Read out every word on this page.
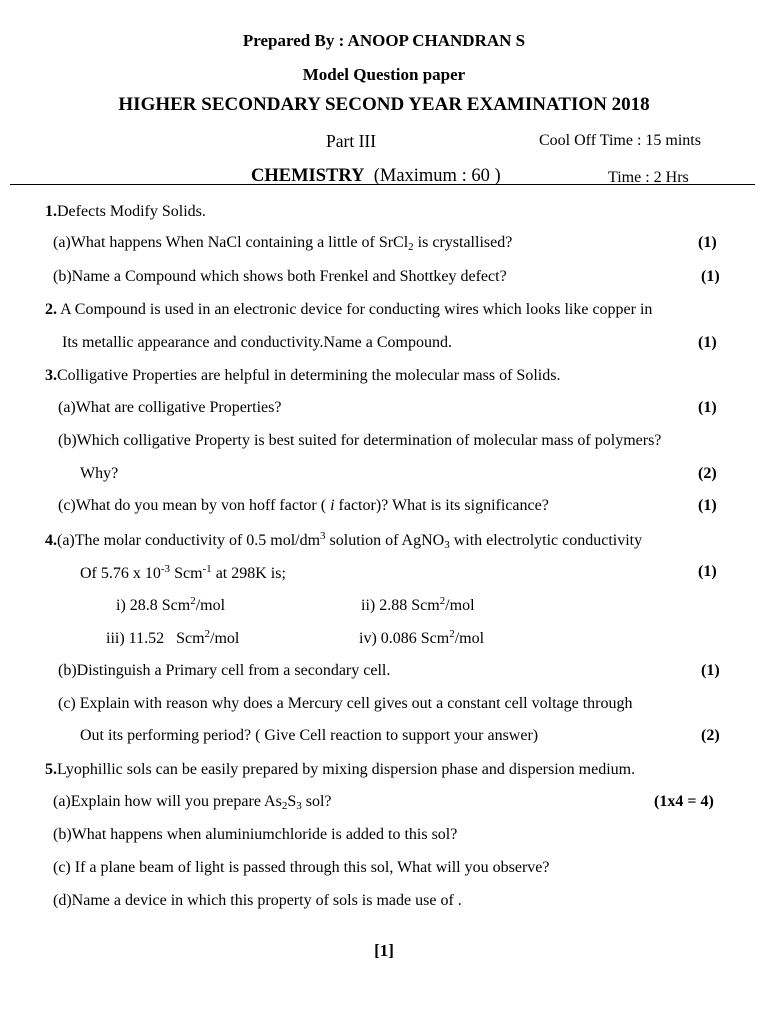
Prepared By : ANOOP CHANDRAN S
Model Question paper
HIGHER SECONDARY SECOND YEAR EXAMINATION 2018
Part III	Cool Off Time : 15 mints
CHEMISTRY (Maximum : 60 )	Time : 2 Hrs
1.Defects Modify Solids.
(a)What happens When NaCl containing a little of SrCl$_2$ is crystallised?	(1)
(b)Name a Compound which shows both Frenkel and Shottkey defect?	(1)
2. A Compound is used in an electronic device for conducting wires which looks like copper in
Its metallic appearance and conductivity.Name a Compound.	(1)
3.Colligative Properties are helpful in determining the molecular mass of Solids.
(a)What are colligative Properties?	(1)
(b)Which colligative Property is best suited for determination of molecular mass of polymers?
Why?	(2)
(c)What do you mean by von hoff factor ( i factor)? What is its significance?	(1)
4.(a)The molar conductivity of 0.5 mol/$dm^3$ solution of AgNO$_3$ with electrolytic conductivity
Of 5.76 x $10^{-3}$ Scm$^{-1}$ at 298K is;	(1)
i) 28.8 Scm$^2$/mol	ii) 2.88 Scm$^2$/mol
iii) 11.52   Scm$^2$/mol	iv) 0.086 Scm$^2$/mol
(b)Distinguish a Primary cell from a secondary cell.	(1)
(c) Explain with reason why does a Mercury cell gives out a constant cell voltage through
Out its performing period? ( Give Cell reaction to support your answer)	(2)
5.Lyophillic sols can be easily prepared by mixing dispersion phase and dispersion medium.
(a)Explain how will you prepare $As_2S_3$ sol?	(1x4 = 4)
(b)What happens when aluminiumchloride is added to this sol?
(c) If a plane beam of light is passed through this sol, What will you observe?
(d)Name a device in which this property of sols is made use of .
[1]
